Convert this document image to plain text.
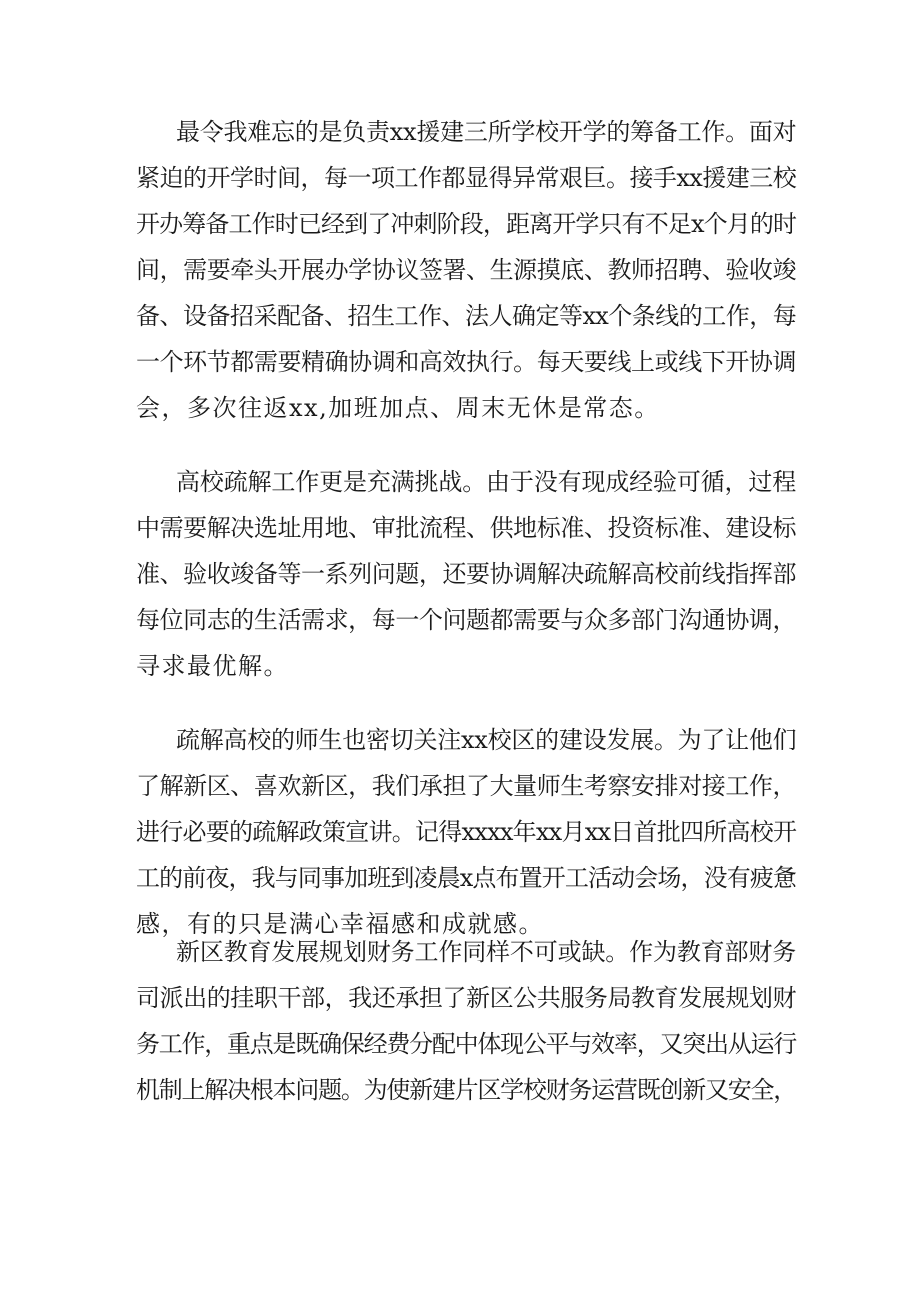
最令我难忘的是负责xx援建三所学校开学的筹备工作。面对
紧迫的开学时间，每一项工作都显得异常艰巨。接手xx援建三校
开办筹备工作时已经到了冲刺阶段，距离开学只有不足x个月的时
间，需要牵头开展办学协议签署、生源摸底、教师招聘、验收竣
备、设备招采配备、招生工作、法人确定等xx个条线的工作，每
一个环节都需要精确协调和高效执行。每天要线上或线下开协调
会，多次往返xx,加班加点、周末无休是常态。
高校疏解工作更是充满挑战。由于没有现成经验可循，过程
中需要解决选址用地、审批流程、供地标准、投资标准、建设标
准、验收竣备等一系列问题，还要协调解决疏解高校前线指挥部
每位同志的生活需求，每一个问题都需要与众多部门沟通协调，
寻求最优解。
疏解高校的师生也密切关注xx校区的建设发展。为了让他们
了解新区、喜欢新区，我们承担了大量师生考察安排对接工作，
进行必要的疏解政策宣讲。记得xxxx年xx月xx日首批四所高校开
工的前夜，我与同事加班到凌晨x点布置开工活动会场，没有疲惫
感，有的只是满心幸福感和成就感。
新区教育发展规划财务工作同样不可或缺。作为教育部财务
司派出的挂职干部，我还承担了新区公共服务局教育发展规划财
务工作，重点是既确保经费分配中体现公平与效率，又突出从运行
机制上解决根本问题。为使新建片区学校财务运营既创新又安全，
